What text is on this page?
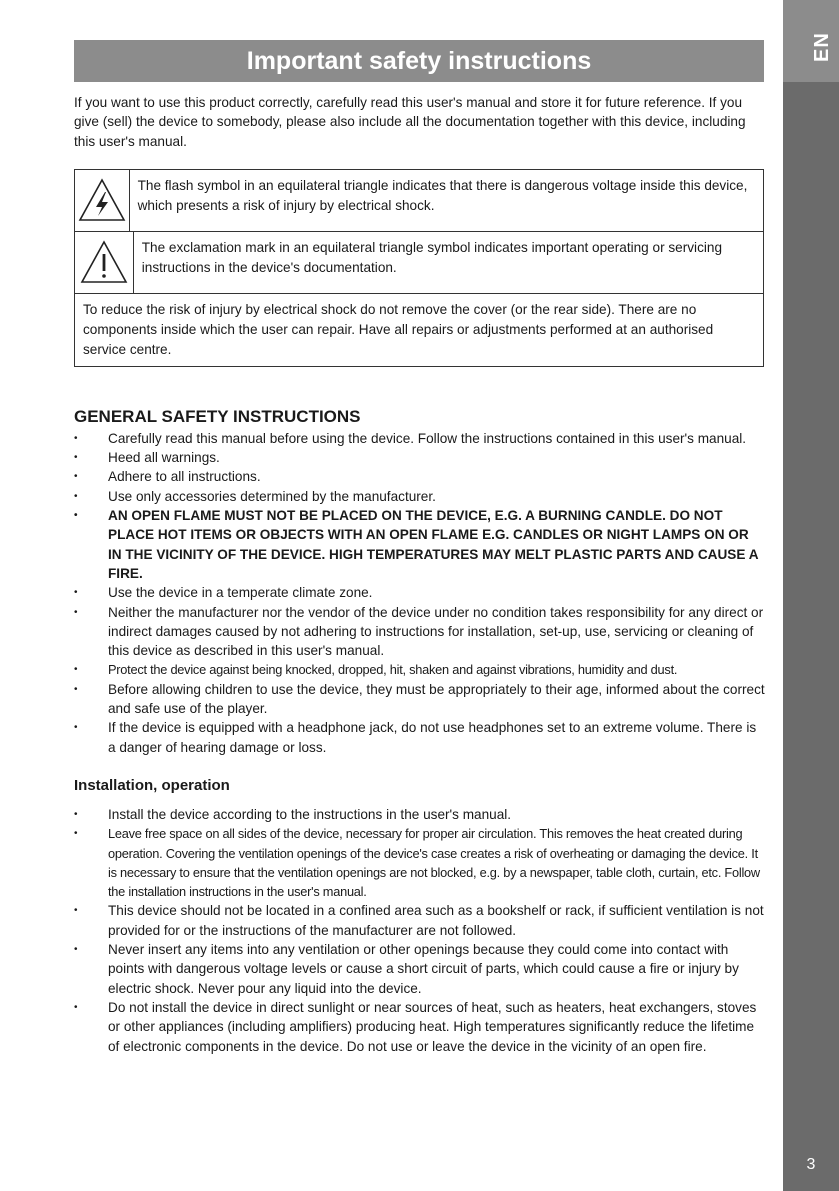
EN
3
Important safety instructions

If you want to use this product correctly, carefully read this user's manual and store it for future reference. If you give (sell) the device to somebody, please also include all the documentation together with this device, including this user's manual.

The flash symbol in an equilateral triangle indicates that there is dangerous voltage inside this device, which presents a risk of injury by electrical shock.
The exclamation mark in an equilateral triangle symbol indicates important operating or servicing instructions in the device's documentation.
To reduce the risk of injury by electrical shock do not remove the cover (or the rear side). There are no components inside which the user can repair. Have all repairs or adjustments performed at an authorised service centre.
GENERAL SAFETY INSTRUCTIONS
• Carefully read this manual before using the device. Follow the instructions contained in this user's manual.
• Heed all warnings.
• Adhere to all instructions.
• Use only accessories determined by the manufacturer.
• AN OPEN FLAME MUST NOT BE PLACED ON THE DEVICE, E.G. A BURNING CANDLE. DO NOT PLACE HOT ITEMS OR OBJECTS WITH AN OPEN FLAME E.G. CANDLES OR NIGHT LAMPS ON OR IN THE VICINITY OF THE DEVICE. HIGH TEMPERATURES MAY MELT PLASTIC PARTS AND CAUSE A FIRE.
• Use the device in a temperate climate zone.
• Neither the manufacturer nor the vendor of the device under no condition takes responsibility for any direct or indirect damages caused by not adhering to instructions for installation, set-up, use, servicing or cleaning of this device as described in this user's manual.
• Protect the device against being knocked, dropped, hit, shaken and against vibrations, humidity and dust.
• Before allowing children to use the device, they must be appropriately to their age, informed about the correct and safe use of the player.
• If the device is equipped with a headphone jack, do not use headphones set to an extreme volume. There is a danger of hearing damage or loss.
Installation, operation
• Install the device according to the instructions in the user's manual.
• Leave free space on all sides of the device, necessary for proper air circulation. This removes the heat created during operation. Covering the ventilation openings of the device's case creates a risk of overheating or damaging the device. It is necessary to ensure that the ventilation openings are not blocked, e.g. by a newspaper, table cloth, curtain, etc. Follow the installation instructions in the user's manual.
• This device should not be located in a confined area such as a bookshelf or rack, if sufficient ventilation is not provided for or the instructions of the manufacturer are not followed.
• Never insert any items into any ventilation or other openings because they could come into contact with points with dangerous voltage levels or cause a short circuit of parts, which could cause a fire or injury by electric shock. Never pour any liquid into the device.
• Do not install the device in direct sunlight or near sources of heat, such as heaters, heat exchangers, stoves or other appliances (including amplifiers) producing heat. High temperatures significantly reduce the lifetime of electronic components in the device. Do not use or leave the device in the vicinity of an open fire.
